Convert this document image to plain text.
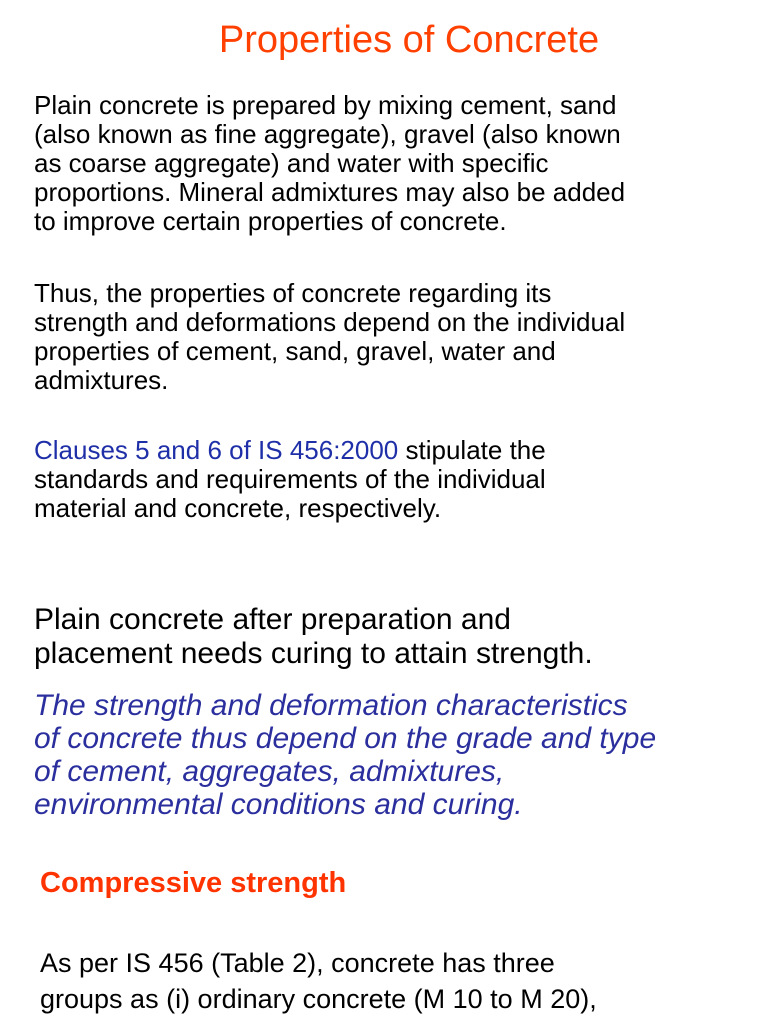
Properties of Concrete
Plain concrete is prepared by mixing cement, sand
(also known as fine aggregate), gravel (also known
as coarse aggregate) and water with specific
proportions. Mineral admixtures may also be added
to improve certain properties of concrete.
Thus, the properties of concrete regarding its
strength and deformations depend on the individual
properties of cement, sand, gravel, water and
admixtures.
Clauses 5 and 6 of IS 456:2000 stipulate the
standards and requirements of the individual
material and concrete, respectively.
Plain concrete after preparation and
placement needs curing to attain strength.
The strength and deformation characteristics
of concrete thus depend on the grade and type
of cement, aggregates, admixtures,
environmental conditions and curing.
Compressive strength
As per IS 456 (Table 2), concrete has three
groups as (i) ordinary concrete (M 10 to M 20),
